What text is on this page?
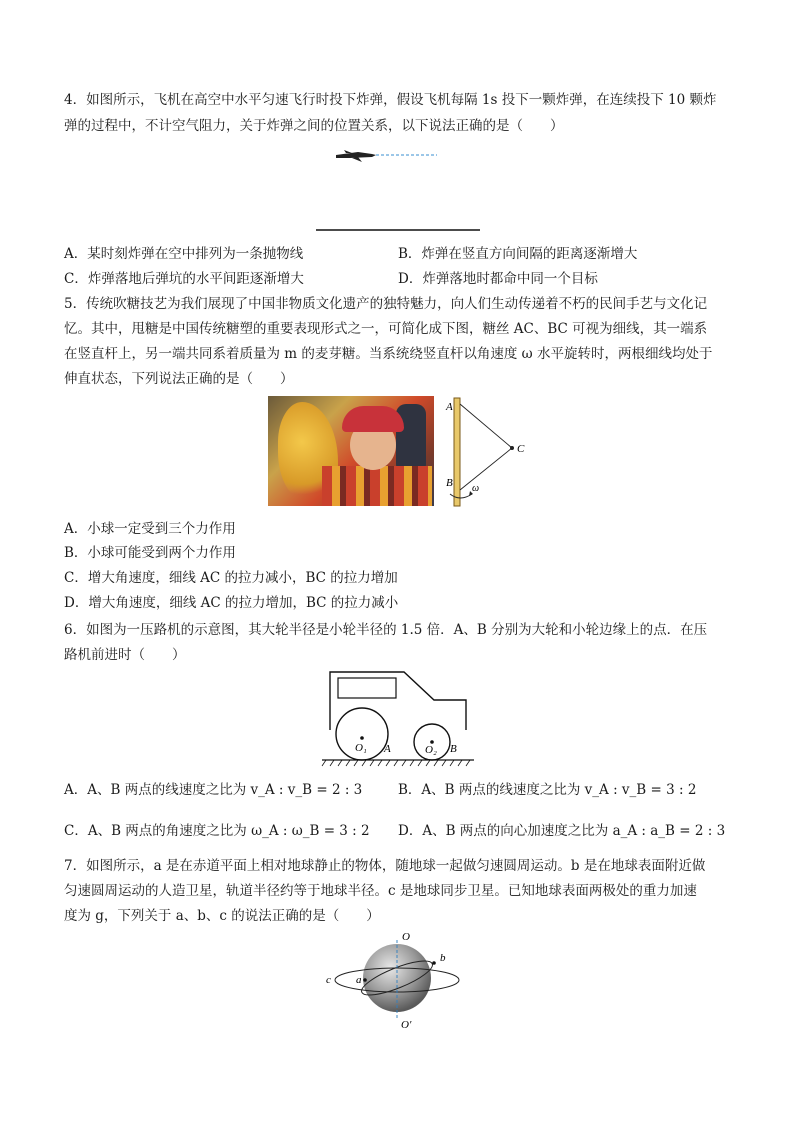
4．如图所示，飞机在高空中水平匀速飞行时投下炸弹，假设飞机每隔 1s 投下一颗炸弹，在连续投下 10 颗炸
弹的过程中，不计空气阻力，关于炸弹之间的位置关系，以下说法正确的是（　　）
A．某时刻炸弹在空中排列为一条抛物线	B．炸弹在竖直方向间隔的距离逐渐增大
C．炸弹落地后弹坑的水平间距逐渐增大	D．炸弹落地时都命中同一个目标
5．传统吹糖技艺为我们展现了中国非物质文化遗产的独特魅力，向人们生动传递着不朽的民间手艺与文化记
忆。其中，甩糖是中国传统糖塑的重要表现形式之一，可简化成下图，糖丝 AC、BC 可视为细线，其一端系
在竖直杆上，另一端共同系着质量为 m 的麦芽糖。当系统绕竖直杆以角速度 ω 水平旋转时，两根细线均处于
伸直状态，下列说法正确的是（　　）
A
B
C
ω
A．小球一定受到三个力作用
B．小球可能受到两个力作用
C．增大角速度，细线 AC 的拉力减小，BC 的拉力增加
D．增大角速度，细线 AC 的拉力增加，BC 的拉力减小
6．如图为一压路机的示意图，其大轮半径是小轮半径的 1.5 倍．A、B 分别为大轮和小轮边缘上的点．在压
路机前进时（　　）
O₁ A	O₂ B
A．A、B 两点的线速度之比为 v_A : v_B = 2 : 3	B．A、B 两点的线速度之比为 v_A : v_B = 3 : 2
C．A、B 两点的角速度之比为 ω_A : ω_B = 3 : 2 D．A、B 两点的向心加速度之比为 a_A : a_B = 2 : 3
7．如图所示，a 是在赤道平面上相对地球静止的物体，随地球一起做匀速圆周运动。b 是在地球表面附近做
匀速圆周运动的人造卫星，轨道半径约等于地球半径。c 是地球同步卫星。已知地球表面两极处的重力加速
度为 g，下列关于 a、b、c 的说法正确的是（　　）
O
O′
a
b
c
